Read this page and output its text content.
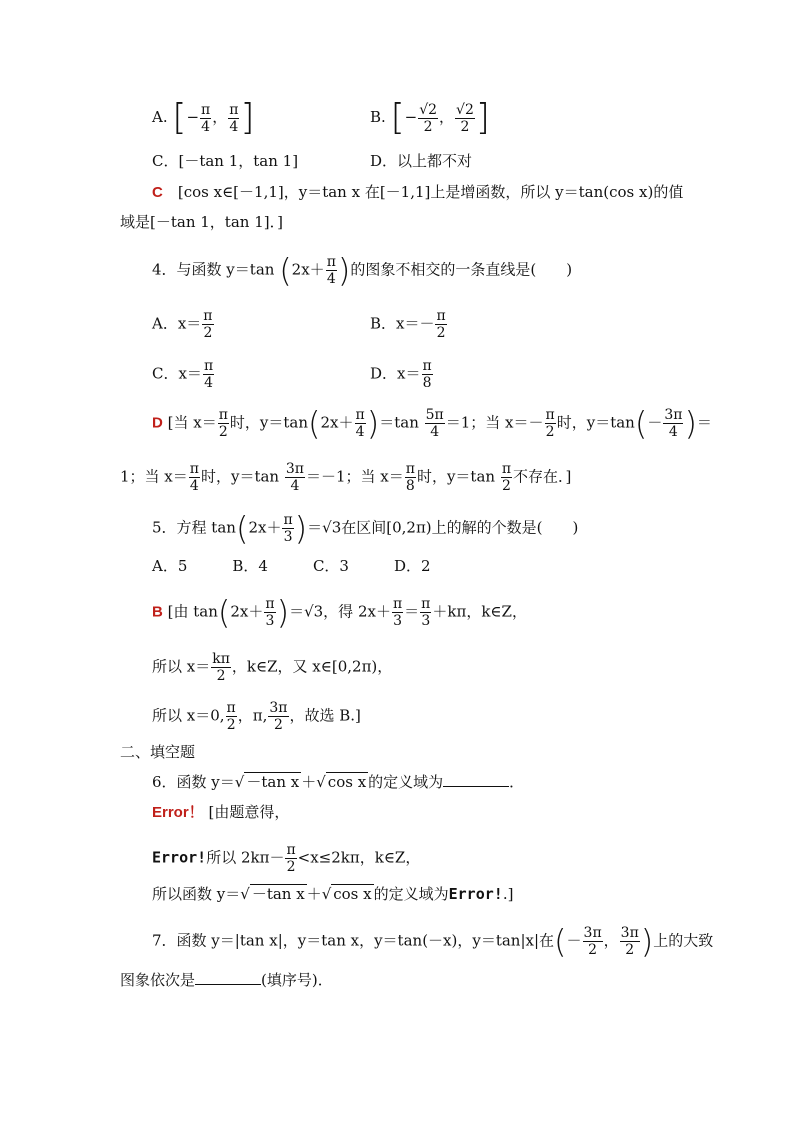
A. [− $\frac{\pi}{4}$ ， $\frac{\pi}{4}$ ]	B. [− $\frac{√2}{2}$ ， $\frac{√2}{2}$ ]
C．[－tan 1，tan 1]	D．以上都不对
C　 [cos x∈[－1,1]，y＝tan x 在[－1,1]上是增函数，所以 y＝tan(cos x)的值
域是[－tan 1，tan 1]．]
4．与函数 y＝tan ($2x+ \frac{\pi}{4}$ )的图象不相交的一条直线是(　　)
A．$x= \frac{\pi}{2}$	B．$x=- \frac{\pi}{2}$
C．$x= \frac{\pi}{4}$	D．$x= \frac{\pi}{8}$
D [当 $x= \frac{\pi}{2}$ 时，$y=\tan(2x+ \frac{\pi}{4} )=\tan \frac{5\pi}{4} =1$；当 $x=- \frac{\pi}{2}$ 时，$y=\tan(- \frac{3\pi}{4}$ )＝
1；当 $x= \frac{\pi}{4}$ 时，$y=\tan \frac{3\pi}{4} =-1$；当 $x= \frac{\pi}{8}$ 时，$y=\tan \frac{\pi}{2}$ 不存在．]
5．方程 $\tan(2x+ \frac{\pi}{3} )=√3$在区间[0,2π)上的解的个数是(　　)
A．5　　　B．4　　　C．3　　　D．2
B [由 $\tan(2x+ \frac{\pi}{3} )=√3$，得 $2x+ \frac{\pi}{3} = \frac{\pi}{3} +k\pi$，k∈Z，
所以 $x= \frac{k\pi}{2}$ ，k∈Z，又 x∈[0,2π)，
所以 x＝0, $\frac{\pi}{2}$ ，π, $\frac{3\pi}{2}$ ，故选 B.]
二、填空题
6．函数 y＝√ －tan x ＋√ cos x 的定义域为	．
Error！ [由题意得，
Error!所以 $2k\pi- \frac{\pi}{2} <x\le 2k\pi$，k∈Z，
所以函数 y＝√ －tan x ＋√ cos x 的定义域为Error!.]
7．函数 y＝|tan x|，y＝tan x，y＝tan(－x)，y＝tan|x|在(－ $\frac{3\pi}{2}$ ， $\frac{3\pi}{2}$ )上的大致
图象依次是	(填序号)．
